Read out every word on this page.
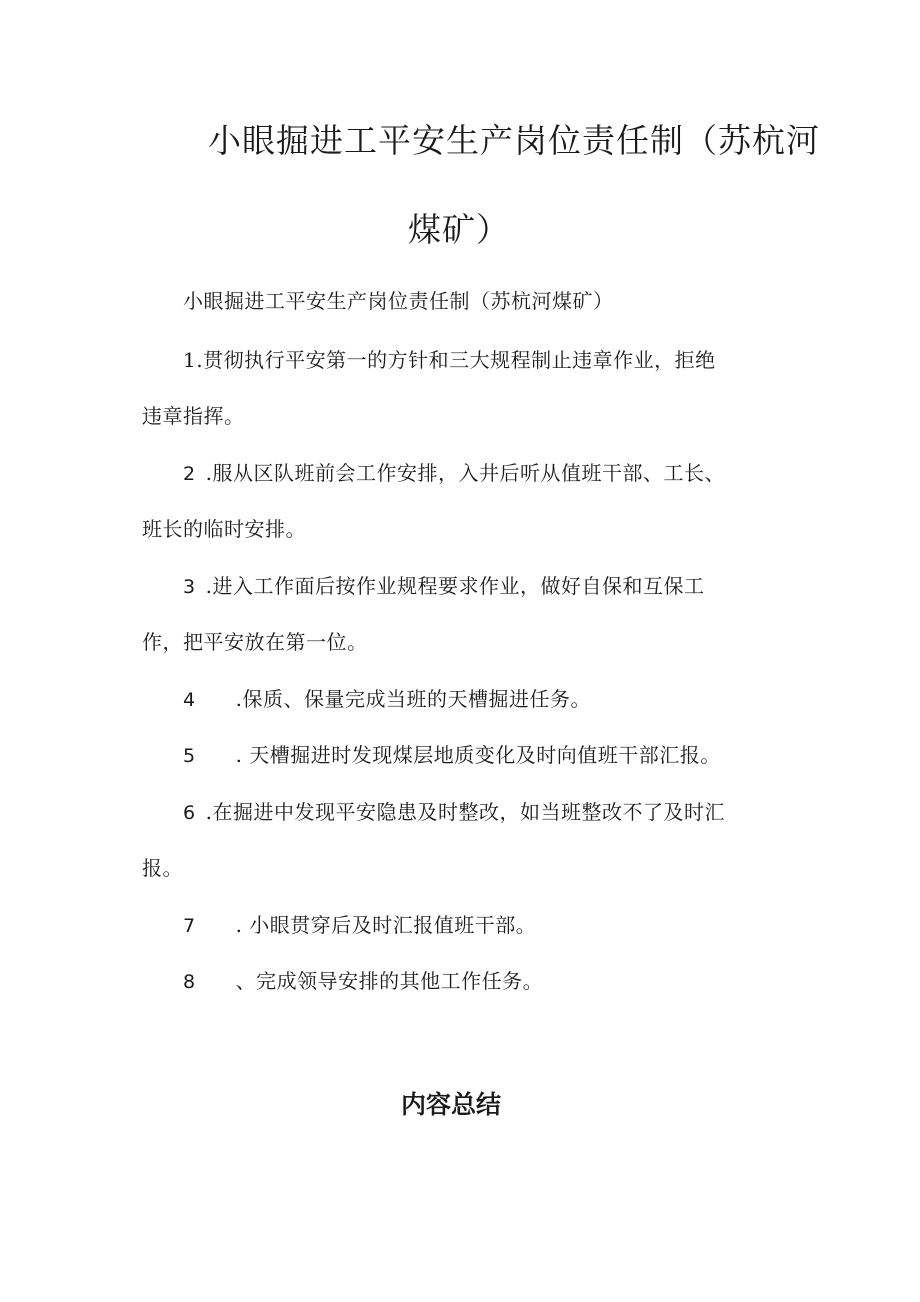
小眼掘进工平安生产岗位责任制（苏杭河
煤矿）

小眼掘进工平安生产岗位责任制（苏杭河煤矿）

1.贯彻执行平安第一的方针和三大规程制止违章作业，拒绝

违章指挥。

2 .服从区队班前会工作安排，入井后听从值班干部、工长、

班长的临时安排。

3 .进入工作面后按作业规程要求作业，做好自保和互保工

作，把平安放在第一位。

4 .保质、保量完成当班的天槽掘进任务。

5 . 天槽掘进时发现煤层地质变化及时向值班干部汇报。

6 .在掘进中发现平安隐患及时整改，如当班整改不了及时汇

报。

7 . 小眼贯穿后及时汇报值班干部。

8 、完成领导安排的其他工作任务。

内容总结
